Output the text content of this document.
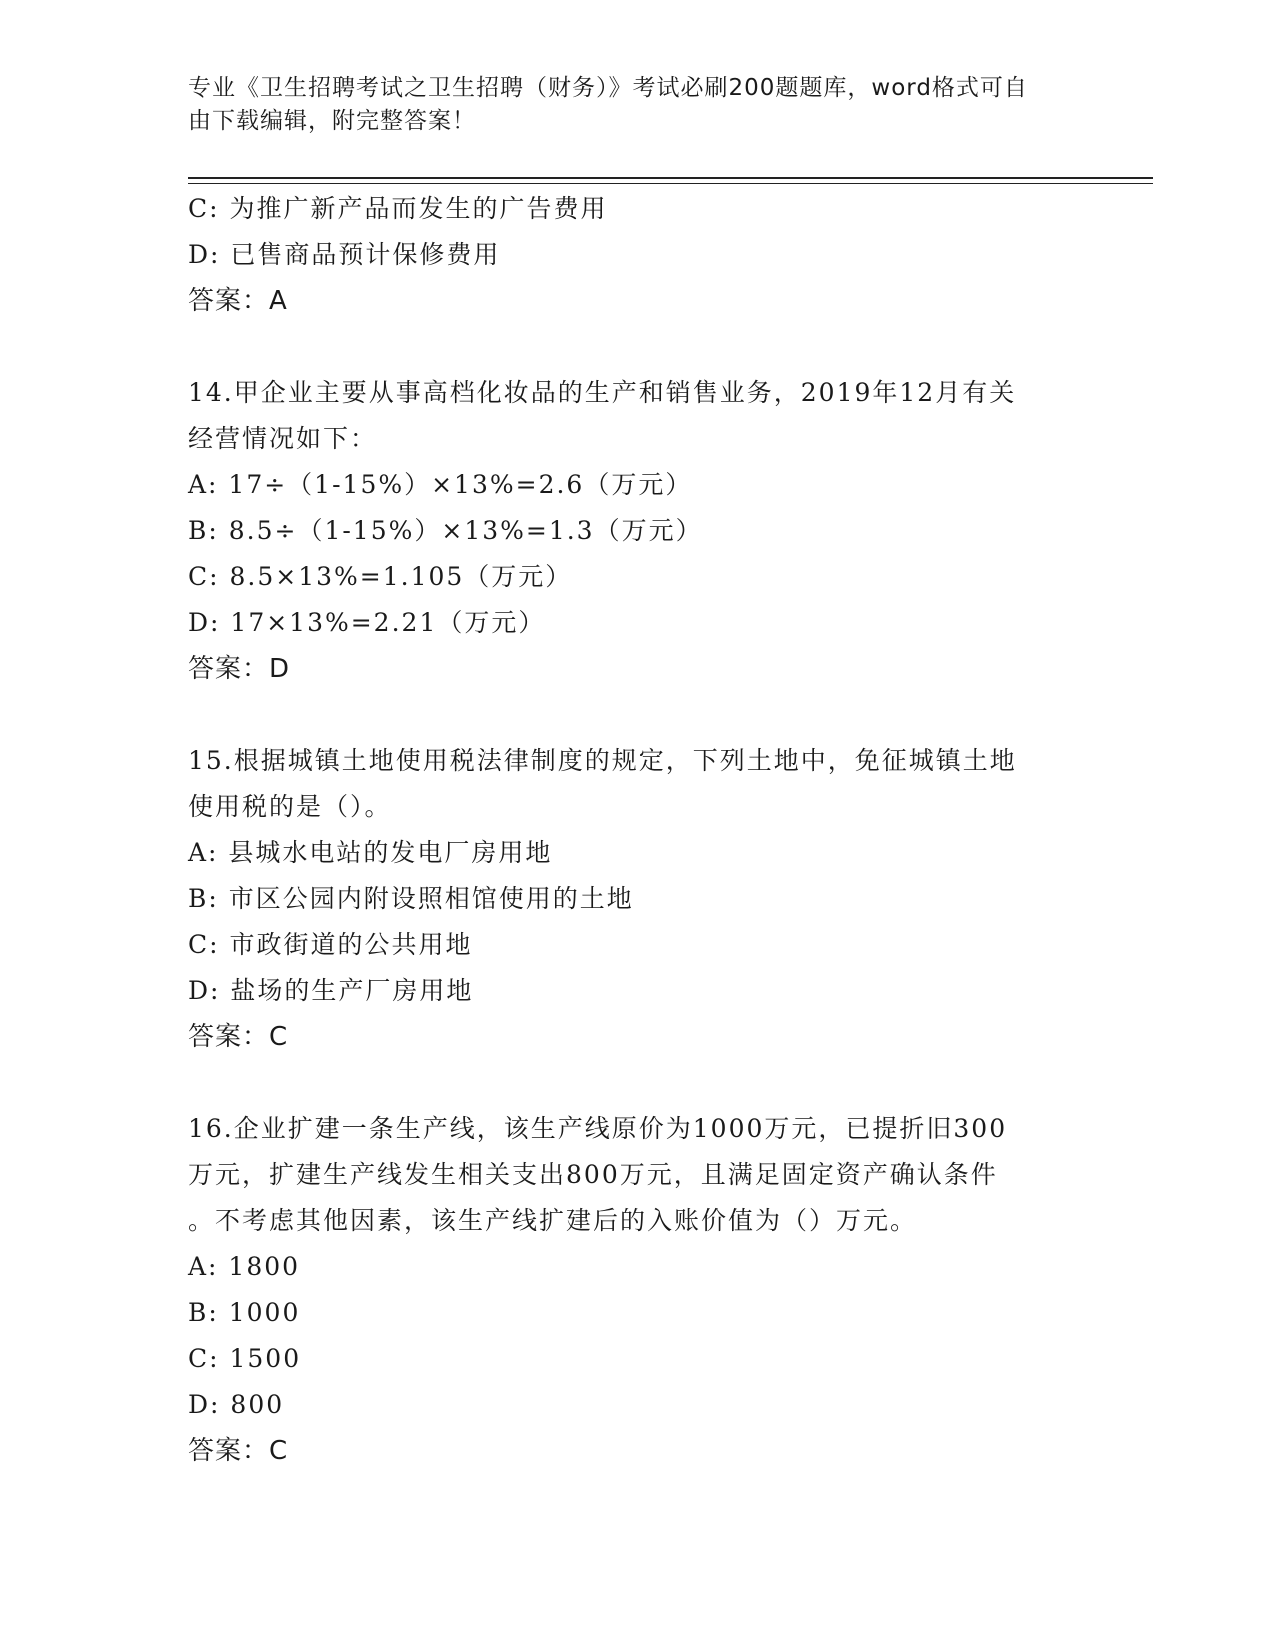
专业《卫生招聘考试之卫生招聘（财务）》考试必刷200题题库，word格式可自
由下载编辑，附完整答案！
C: 为推广新产品而发生的广告费用
D: 已售商品预计保修费用
答案：A
14.甲企业主要从事高档化妆品的生产和销售业务，2019年12月有关
经营情况如下：
A: 17÷（1-15%）×13%=2.6（万元）
B: 8.5÷（1-15%）×13%=1.3（万元）
C: 8.5×13%=1.105（万元）
D: 17×13%=2.21（万元）
答案：D
15.根据城镇土地使用税法律制度的规定，下列土地中，免征城镇土地
使用税的是（）。
A: 县城水电站的发电厂房用地
B: 市区公园内附设照相馆使用的土地
C: 市政街道的公共用地
D: 盐场的生产厂房用地
答案：C
16.企业扩建一条生产线，该生产线原价为1000万元，已提折旧300
万元，扩建生产线发生相关支出800万元，且满足固定资产确认条件
。不考虑其他因素，该生产线扩建后的入账价值为（）万元。
A: 1800
B: 1000
C: 1500
D: 800
答案：C
